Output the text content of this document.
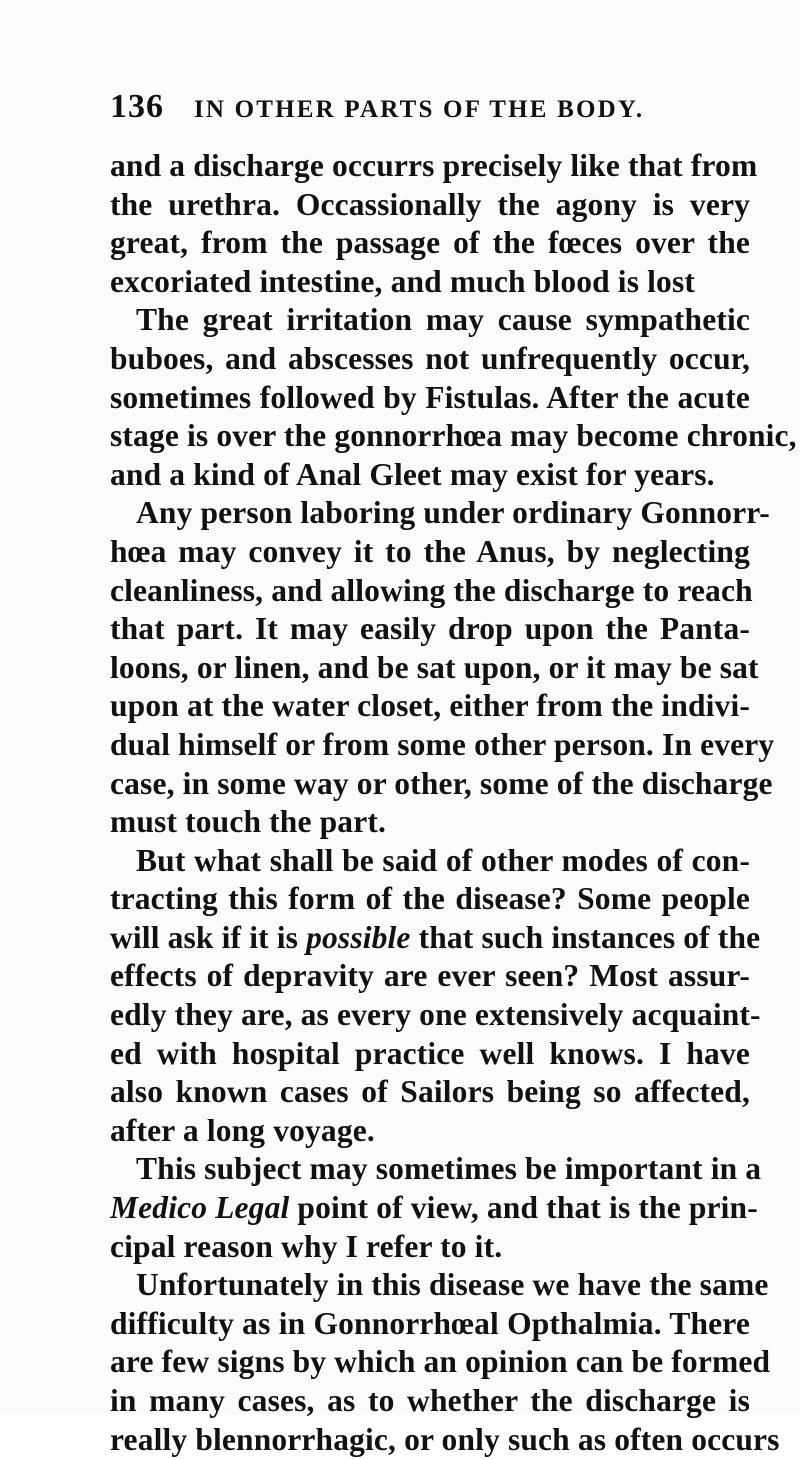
136 IN OTHER PARTS OF THE BODY.
and a discharge occurrs precisely like that from
the urethra. Occassionally the agony is very
great, from the passage of the fœces over the
excoriated intestine, and much blood is lost
The great irritation may cause sympathetic
buboes, and abscesses not unfrequently occur,
sometimes followed by Fistulas. After the acute
stage is over the gonnorrhœa may become chronic,
and a kind of Anal Gleet may exist for years.
Any person laboring under ordinary Gonnorr-
hœa may convey it to the Anus, by neglecting
cleanliness, and allowing the discharge to reach
that part. It may easily drop upon the Panta-
loons, or linen, and be sat upon, or it may be sat
upon at the water closet, either from the indivi-
dual himself or from some other person. In every
case, in some way or other, some of the discharge
must touch the part.
But what shall be said of other modes of con-
tracting this form of the disease? Some people
will ask if it is possible that such instances of the
effects of depravity are ever seen? Most assur-
edly they are, as every one extensively acquaint-
ed with hospital practice well knows. I have
also known cases of Sailors being so affected,
after a long voyage.
This subject may sometimes be important in a
Medico Legal point of view, and that is the prin-
cipal reason why I refer to it.
Unfortunately in this disease we have the same
difficulty as in Gonnorrhœal Opthalmia. There
are few signs by which an opinion can be formed
in many cases, as to whether the discharge is
really blennorrhagic, or only such as often occurs
